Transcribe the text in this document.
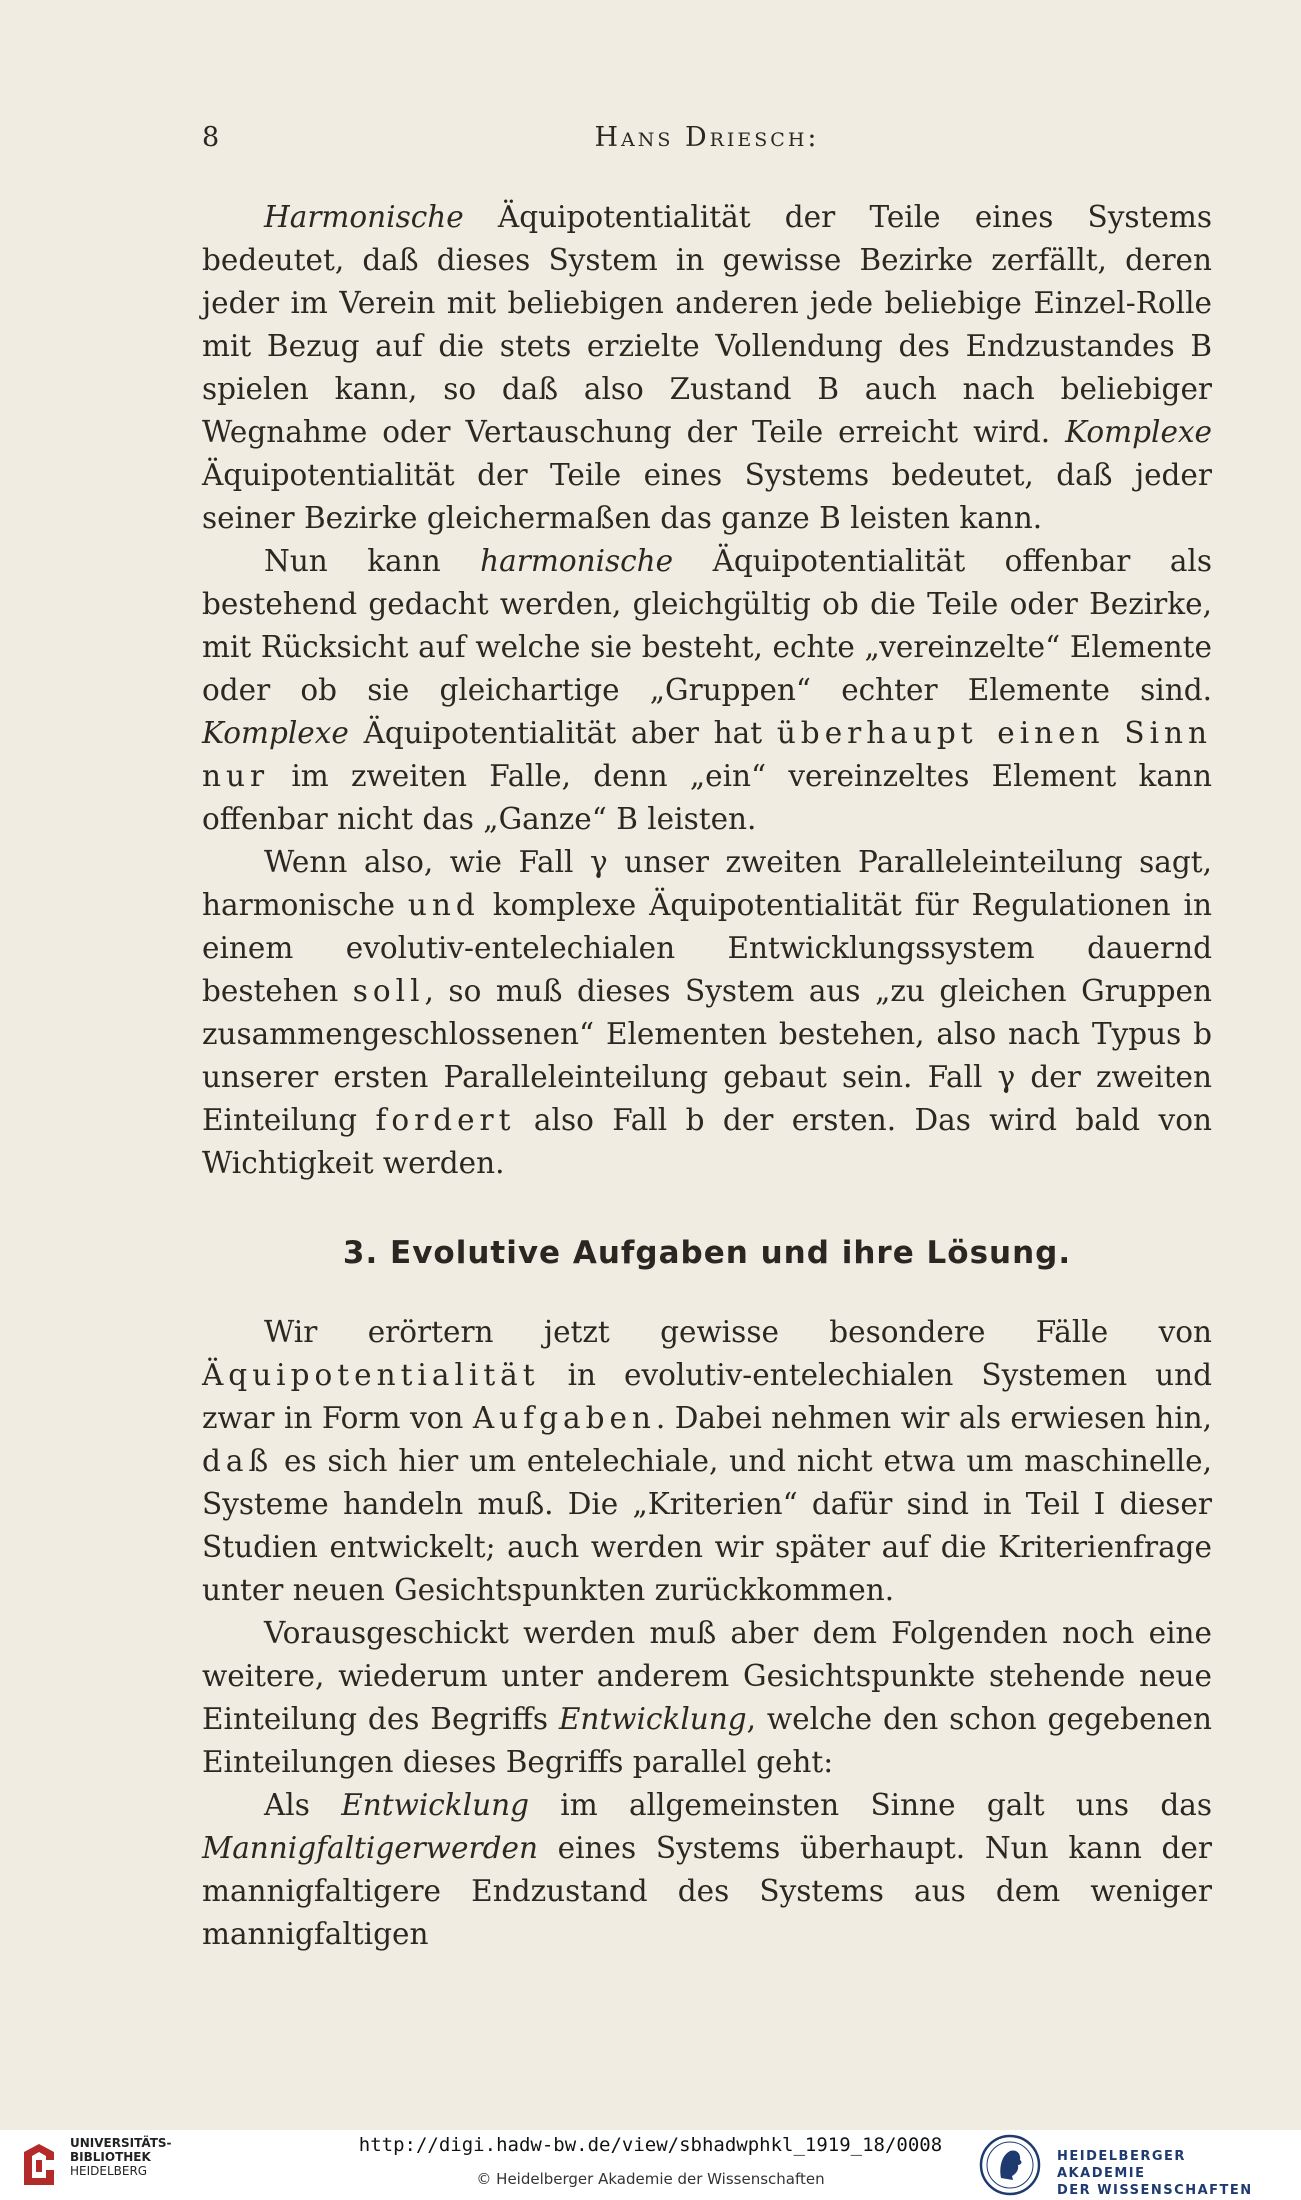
8	Hans Driesch:

Harmonische Äquipotentialität der Teile eines Systems bedeutet, daß dieses System in gewisse Bezirke zerfällt, deren jeder im Verein mit beliebigen anderen jede beliebige Einzel-Rolle mit Bezug auf die stets erzielte Vollendung des Endzustandes B spielen kann, so daß also Zustand B auch nach beliebiger Wegnahme oder Vertauschung der Teile erreicht wird. Komplexe Äquipotentialität der Teile eines Systems bedeutet, daß jeder seiner Bezirke gleichermaßen das ganze B leisten kann.

Nun kann harmonische Äquipotentialität offenbar als bestehend gedacht werden, gleichgültig ob die Teile oder Bezirke, mit Rücksicht auf welche sie besteht, echte „vereinzelte“ Elemente oder ob sie gleichartige „Gruppen“ echter Elemente sind. Komplexe Äquipotentialität aber hat überhaupt einen Sinn nur im zweiten Falle, denn „ein“ vereinzeltes Element kann offenbar nicht das „Ganze“ B leisten.

Wenn also, wie Fall γ unser zweiten Paralleleinteilung sagt, harmonische und komplexe Äquipotentialität für Regulationen in einem evolutiv-entelechialen Entwicklungssystem dauernd bestehen soll, so muß dieses System aus „zu gleichen Gruppen zusammengeschlossenen“ Elementen bestehen, also nach Typus b unserer ersten Paralleleinteilung gebaut sein. Fall γ der zweiten Einteilung fordert also Fall b der ersten. Das wird bald von Wichtigkeit werden.

3. Evolutive Aufgaben und ihre Lösung.

Wir erörtern jetzt gewisse besondere Fälle von Äquipotentialität in evolutiv-entelechialen Systemen und zwar in Form von Aufgaben. Dabei nehmen wir als erwiesen hin, daß es sich hier um entelechiale, und nicht etwa um maschinelle, Systeme handeln muß. Die „Kriterien“ dafür sind in Teil I dieser Studien entwickelt; auch werden wir später auf die Kriterienfrage unter neuen Gesichtspunkten zurückkommen.

Vorausgeschickt werden muß aber dem Folgenden noch eine weitere, wiederum unter anderem Gesichtspunkte stehende neue Einteilung des Begriffs Entwicklung, welche den schon gegebenen Einteilungen dieses Begriffs parallel geht:

Als Entwicklung im allgemeinsten Sinne galt uns das Mannigfaltigerwerden eines Systems überhaupt. Nun kann der mannigfaltigere Endzustand des Systems aus dem weniger mannigfaltigen

UNIVERSITÄTS-
BIBLIOTHEK
HEIDELBERG
http://digi.hadw-bw.de/view/sbhadwphkl_1919_18/0008
© Heidelberger Akademie der Wissenschaften
HEIDELBERGER AKADEMIE
DER WISSENSCHAFTEN
